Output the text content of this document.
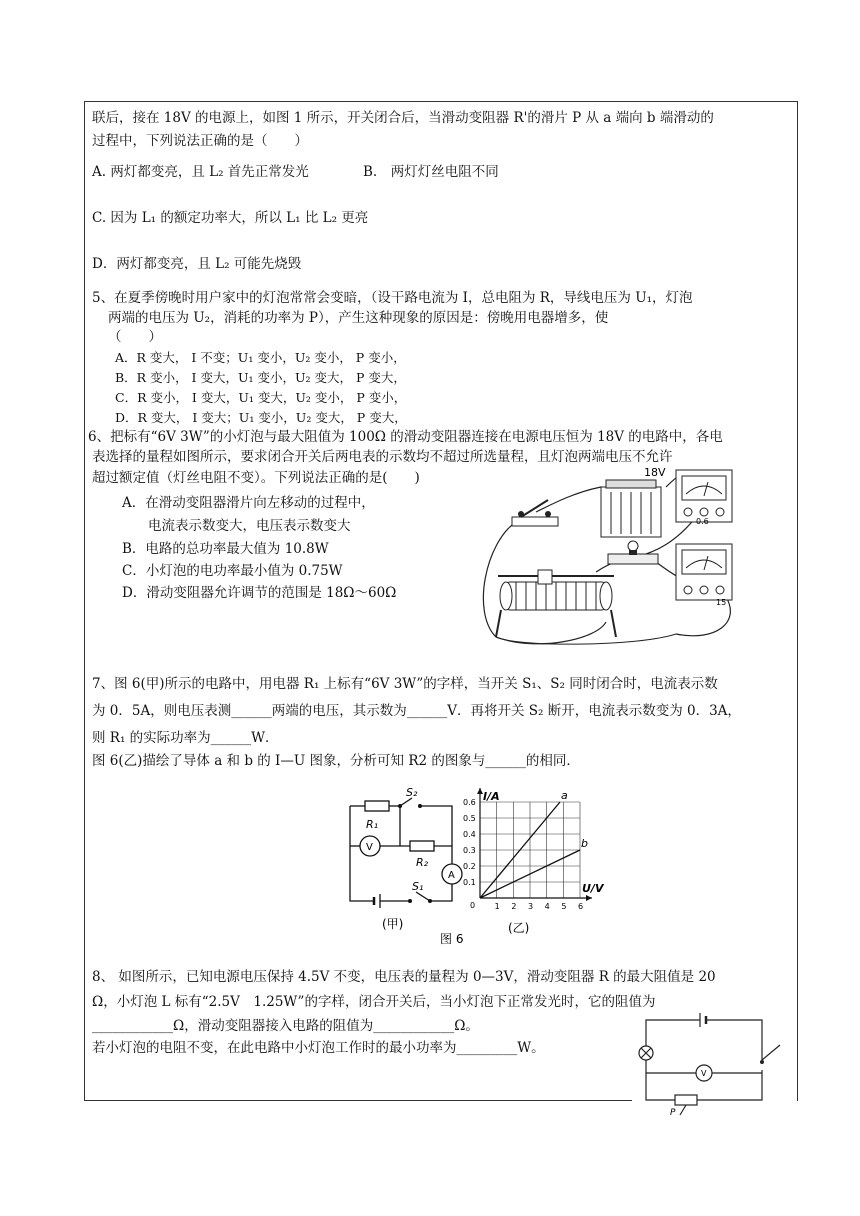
联后，接在 18V 的电源上，如图 1 所示，开关闭合后，当滑动变阻器 R'的滑片 P 从 a 端向 b 端滑动的
过程中，下列说法正确的是（　　）
A. 两灯都变亮，且 L₂ 首先正常发光	B.　两灯灯丝电阻不同
C. 因为 L₁ 的额定功率大，所以 L₁ 比 L₂ 更亮
D．两灯都变亮，且 L₂ 可能先烧毁
5、在夏季傍晚时用户家中的灯泡常常会变暗，（设干路电流为 I，总电阻为 R，导线电压为 U₁，灯泡
两端的电压为 U₂，消耗的功率为 P），产生这种现象的原因是：傍晚用电器增多，使
（　　）
A．R 变大， I 不变；U₁ 变小，U₂ 变小， P 变小，
B．R 变小， I 变大，U₁ 变小，U₂ 变大， P 变大，
C．R 变小， I 变大，U₁ 变大，U₂ 变小， P 变小，
D．R 变大， I 变大；U₁ 变小，U₂ 变大， P 变大，
6、把标有“6V 3W”的小灯泡与最大阻值为 100Ω 的滑动变阻器连接在电源电压恒为 18V 的电路中，各电
表选择的量程如图所示，要求闭合开关后两电表的示数均不超过所选量程，且灯泡两端电压不允许
超过额定值（灯丝电阻不变）。下列说法正确的是(　　)
A．在滑动变阻器滑片向左移动的过程中，
电流表示数变大，电压表示数变大
B．电路的总功率最大值为 10.8W
C．小灯泡的电功率最小值为 0.75W
D．滑动变阻器允许调节的范围是 18Ω～60Ω
18V
0.6
15
7、图 6(甲)所示的电路中，用电器 R₁ 上标有“6V 3W”的字样，当开关 S₁、S₂ 同时闭合时，电流表示数
为 0．5A，则电压表测______两端的电压，其示数为______V．再将开关 S₂ 断开，电流表示数变为 0．3A，
则 R₁ 的实际功率为______W．
图 6(乙)描绘了导体 a 和 b 的 I—U 图象，分析可知 R2 的图象与______的相同．
R₁
S₂
V
R₂
A
S₁
(甲)
图 6
1 2 3 4 5 6
0.1
0.2
0.3
0.4
0.5
0.6
0
I/A
U/V
a
b
(乙)
8、 如图所示，已知电源电压保持 4.5V 不变，电压表的量程为 0—3V，滑动变阻器 R 的最大阻值是 20
Ω，小灯泡 L 标有“2.5V　1.25W”的字样，闭合开关后，当小灯泡下正常发光时，它的阻值为
____________Ω，滑动变阻器接入电路的阻值为____________Ω。
若小灯泡的电阻不变，在此电路中小灯泡工作时的最小功率为_________W。
V
P
